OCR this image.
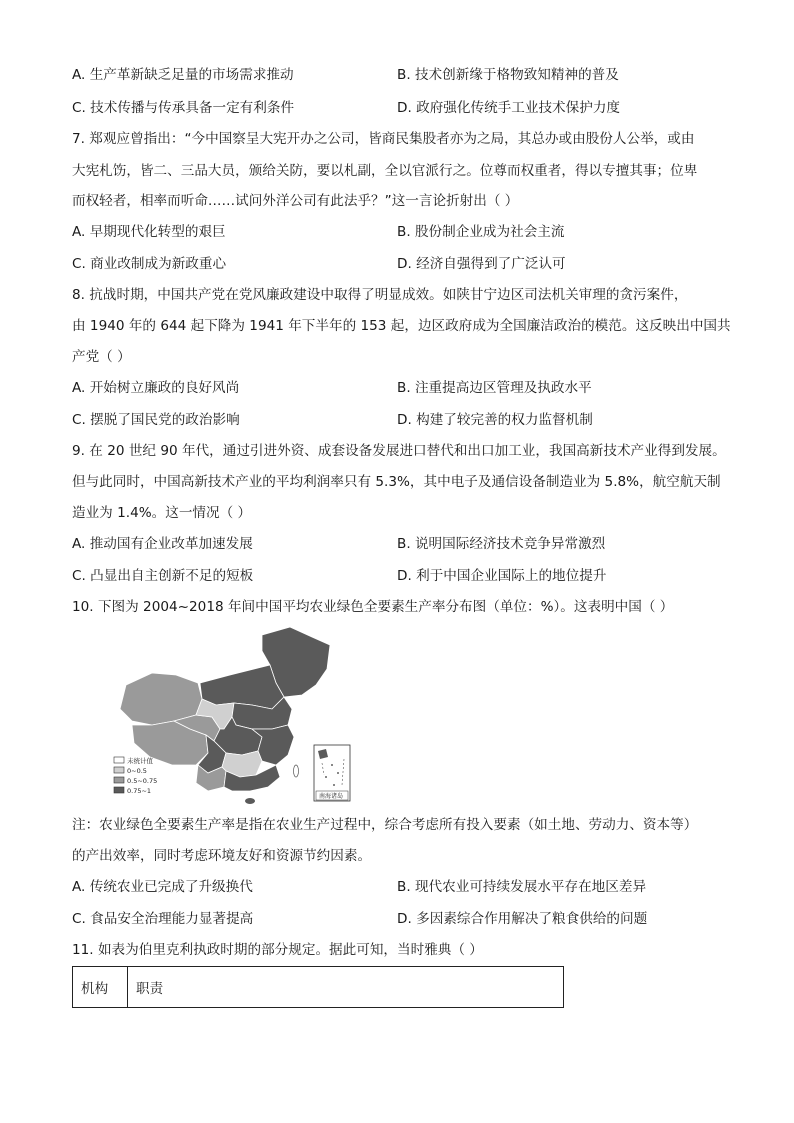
A. 生产革新缺乏足量的市场需求推动	B. 技术创新缘于格物致知精神的普及
C. 技术传播与传承具备一定有利条件	D. 政府强化传统手工业技术保护力度
7. 郑观应曾指出：“今中国察呈大宪开办之公司，皆商民集股者亦为之局，其总办或由股份人公举，或由
大宪札饬，皆二、三品大员，颁给关防，要以札副，全以官派行之。位尊而权重者，得以专擅其事；位卑
而权轻者，相率而听命……试问外洋公司有此法乎？”这一言论折射出（ ）
A. 早期现代化转型的艰巨	B. 股份制企业成为社会主流
C. 商业改制成为新政重心	D. 经济自强得到了广泛认可
8. 抗战时期，中国共产党在党风廉政建设中取得了明显成效。如陕甘宁边区司法机关审理的贪污案件，
由 1940 年的 644 起下降为 1941 年下半年的 153 起，边区政府成为全国廉洁政治的模范。这反映出中国共
产党（ ）
A. 开始树立廉政的良好风尚	B. 注重提高边区管理及执政水平
C. 摆脱了国民党的政治影响	D. 构建了较完善的权力监督机制
9. 在 20 世纪 90 年代，通过引进外资、成套设备发展进口替代和出口加工业，我国高新技术产业得到发展。
但与此同时，中国高新技术产业的平均利润率只有 5.3%，其中电子及通信设备制造业为 5.8%，航空航天制
造业为 1.4%。这一情况（ ）
A. 推动国有企业改革加速发展	B. 说明国际经济技术竞争异常激烈
C. 凸显出自主创新不足的短板	D. 利于中国企业国际上的地位提升
10. 下图为 2004~2018 年间中国平均农业绿色全要素生产率分布图（单位：%）。这表明中国（ ）
未统计值
0~0.5
0.5~0.75
0.75~1
南海诸岛
注：农业绿色全要素生产率是指在农业生产过程中，综合考虑所有投入要素（如土地、劳动力、资本等）
的产出效率，同时考虑环境友好和资源节约因素。
A. 传统农业已完成了升级换代	B. 现代农业可持续发展水平存在地区差异
C. 食品安全治理能力显著提高	D. 多因素综合作用解决了粮食供给的问题
11. 如表为伯里克利执政时期的部分规定。据此可知，当时雅典（ ）
机构	职责
